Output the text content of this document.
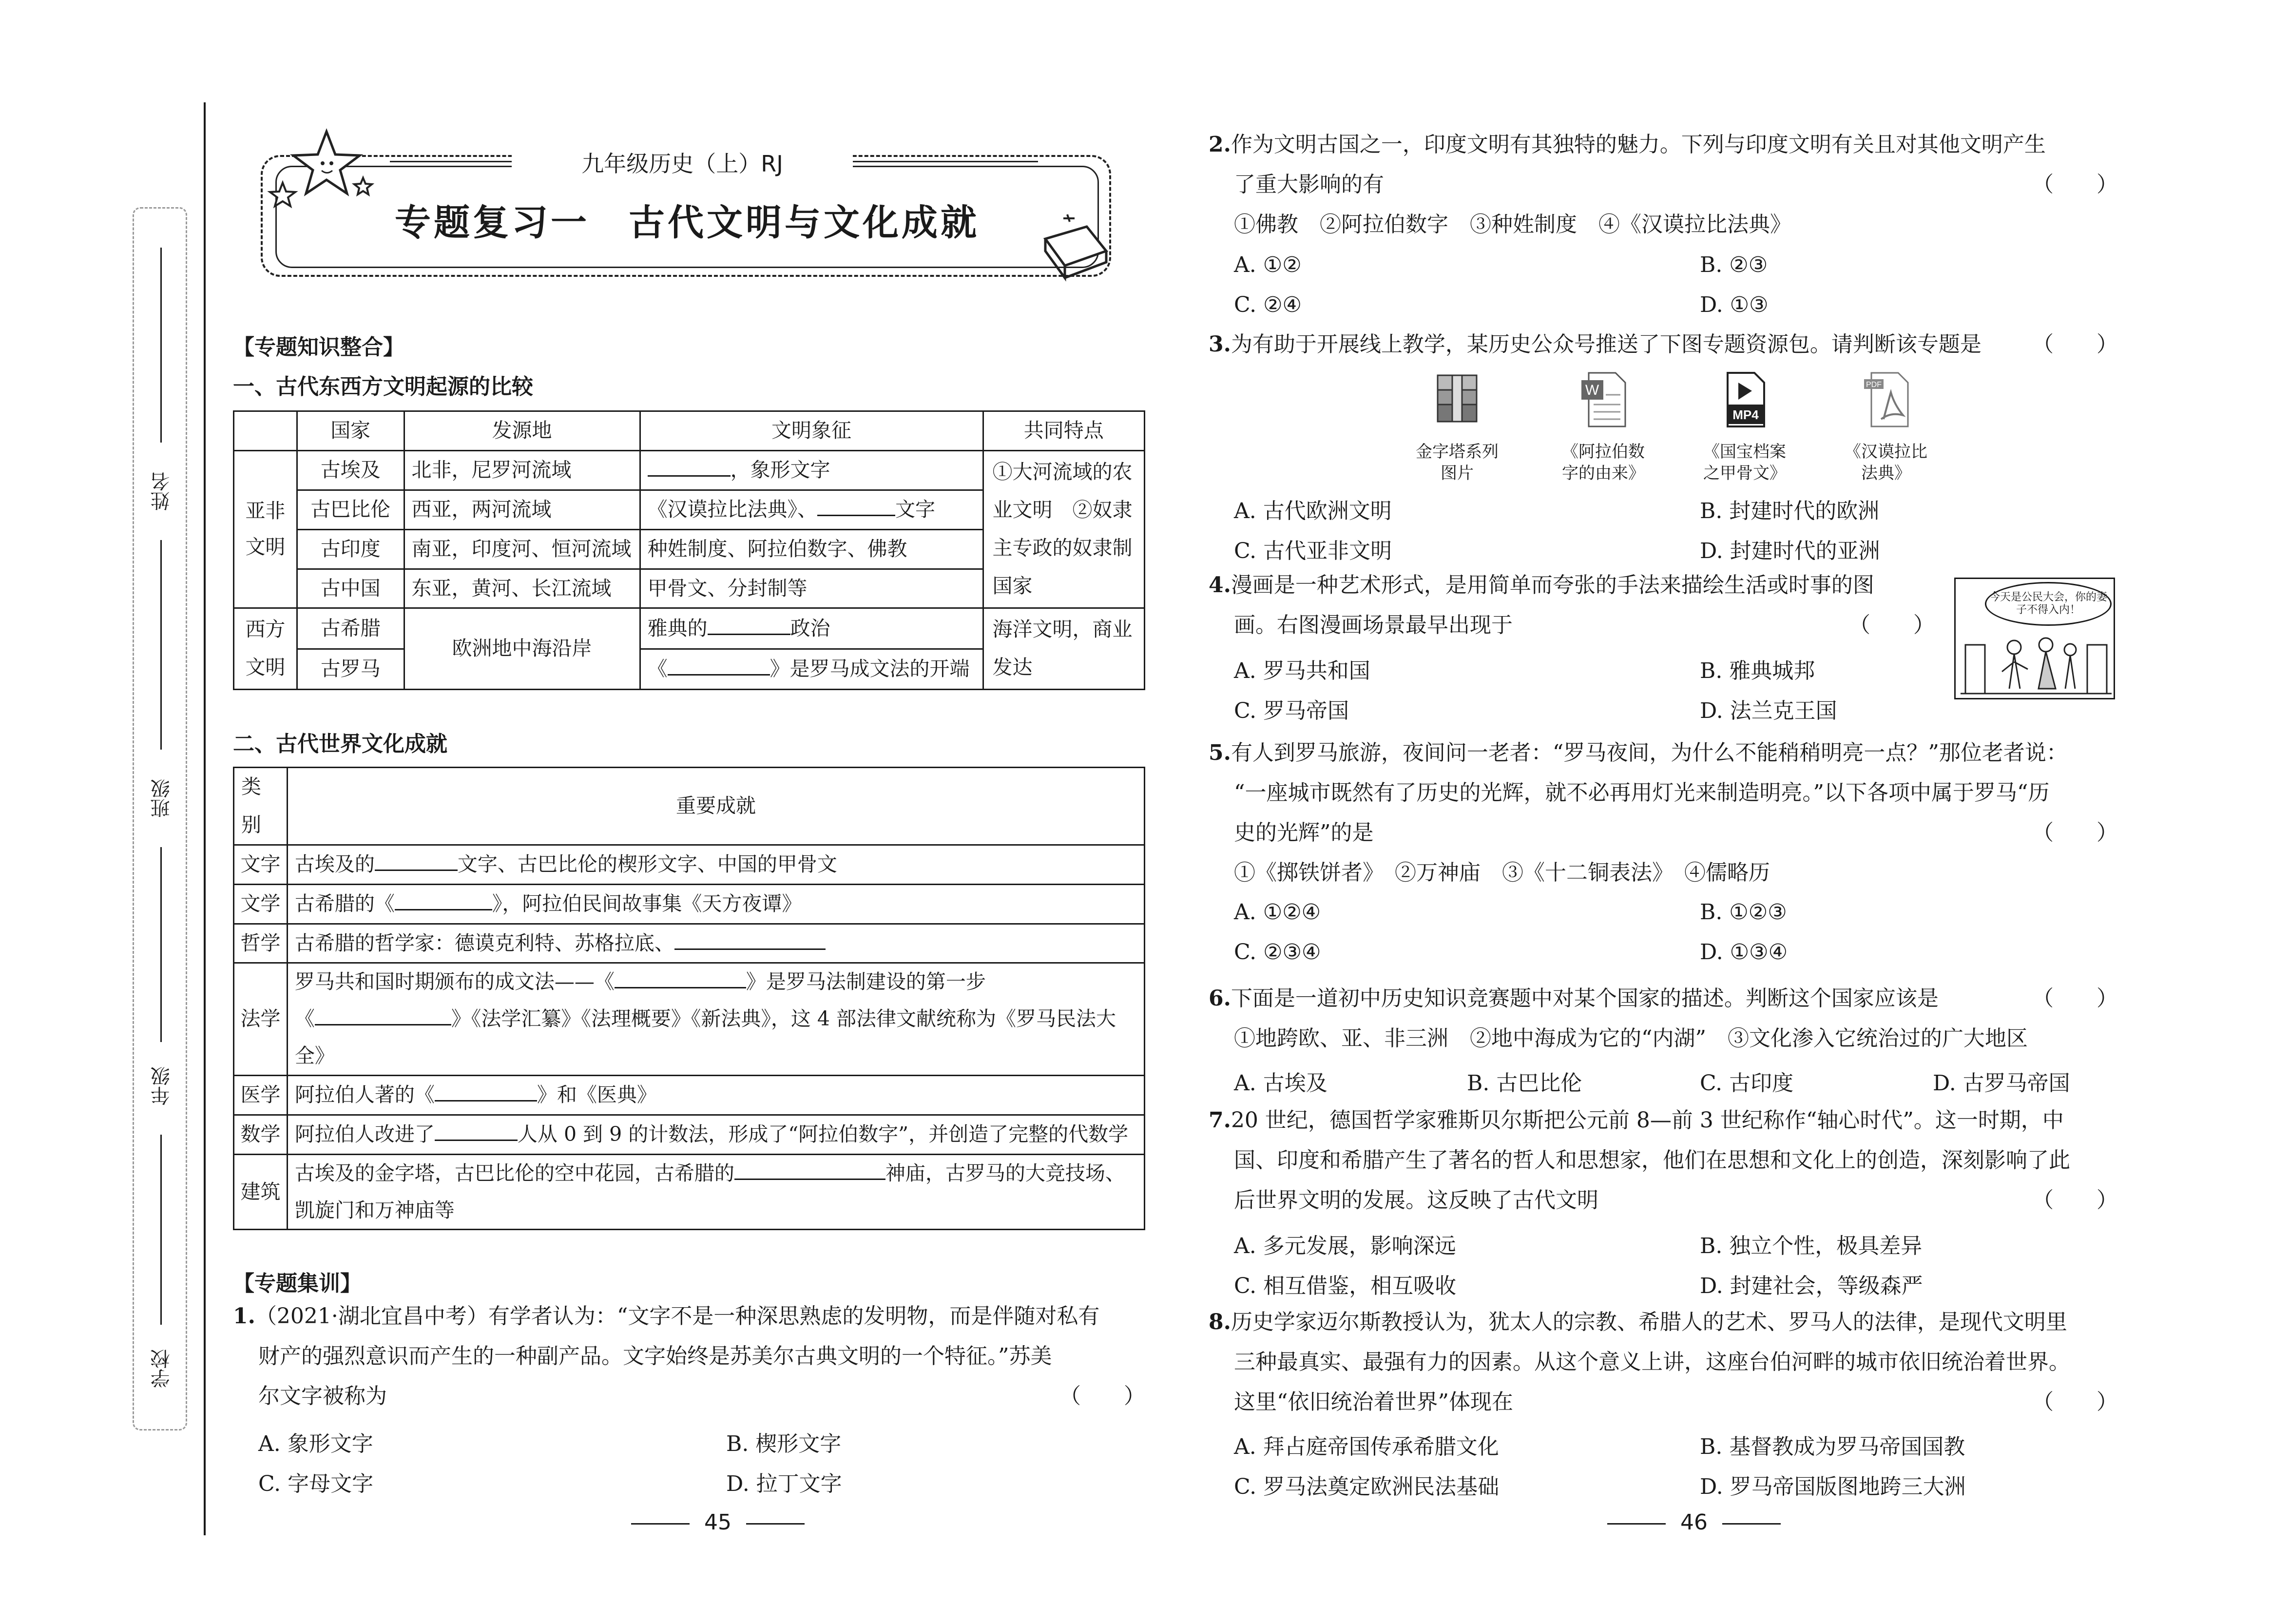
姓名
班级
年级
学校
九年级历史（上）RJ
专题复习一　古代文明与文化成就
【专题知识整合】
一、古代东西方文明起源的比较
	国家	发源地	文明象征	共同特点
亚非文明	古埃及	北非，尼罗河流域	，象形文字	①大河流域的农业文明　②奴隶主专政的奴隶制国家
	古巴比伦	西亚，两河流域	《汉谟拉比法典》、 文字	
	古印度	南亚，印度河、恒河流域	种姓制度、阿拉伯数字、佛教	
	古中国	东亚，黄河、长江流域	甲骨文、分封制等	
西方文明	古希腊	欧洲地中海沿岸	雅典的 政治	海洋文明，商业发达
	古罗马		《 》是罗马成文法的开端	
二、古代世界文化成就
类别	重要成就
文字	古埃及的 文字、古巴比伦的楔形文字、中国的甲骨文
文学	古希腊的《 》，阿拉伯民间故事集《天方夜谭》
哲学	古希腊的哲学家：德谟克利特、苏格拉底、
法学	罗马共和国时期颁布的成文法——《 》是罗马法制建设的第一步
《 》《法学汇纂》《法理概要》《新法典》，这 4 部法律文献统称为《罗马民法大全》
医学	阿拉伯人著的《 》和《医典》
数学	阿拉伯人改进了 人从 0 到 9 的计数法，形成了“阿拉伯数字”，并创造了完整的代数学
建筑	古埃及的金字塔，古巴比伦的空中花园，古希腊的 神庙，古罗马的大竞技场、凯旋门和万神庙等
【专题集训】
1.（2021·湖北宜昌中考）有学者认为：“文字不是一种深思熟虑的发明物，而是伴随对私有
财产的强烈意识而产生的一种副产品。文字始终是苏美尔古典文明的一个特征。”苏美
尔文字被称为	（　　）
A. 象形文字	B. 楔形文字
C. 字母文字	D. 拉丁文字
45
2.作为文明古国之一，印度文明有其独特的魅力。下列与印度文明有关且对其他文明产生
了重大影响的有	（　　）
①佛教　②阿拉伯数字　③种姓制度　④《汉谟拉比法典》
A. ①②	B. ②③
C. ②④	D. ①③
3.为有助于开展线上教学，某历史公众号推送了下图专题资源包。请判断该专题是 （　　）
金字塔系列图片
W
《阿拉伯数字的由来》
MP4
《国宝档案之甲骨文》
PDF
《汉谟拉比法典》
A. 古代欧洲文明	B. 封建时代的欧洲
C. 古代亚非文明	D. 封建时代的亚洲
4.漫画是一种艺术形式，是用简单而夸张的手法来描绘生活或时事的图
画。右图漫画场景最早出现于	（　　）
今天是公民大会，你的妻子不得入内！
A. 罗马共和国	B. 雅典城邦
C. 罗马帝国	D. 法兰克王国
5.有人到罗马旅游，夜间问一老者：“罗马夜间，为什么不能稍稍明亮一点？”那位老者说：
“一座城市既然有了历史的光辉，就不必再用灯光来制造明亮。”以下各项中属于罗马“历
史的光辉”的是	（　　）
①《掷铁饼者》　②万神庙　③《十二铜表法》　④儒略历
A. ①②④	B. ①②③
C. ②③④	D. ①③④
6.下面是一道初中历史知识竞赛题中对某个国家的描述。判断这个国家应该是	（　　）
①地跨欧、亚、非三洲　②地中海成为它的“内湖”　③文化渗入它统治过的广大地区
A. 古埃及	B. 古巴比伦	C. 古印度	D. 古罗马帝国
7.20 世纪，德国哲学家雅斯贝尔斯把公元前 8—前 3 世纪称作“轴心时代”。这一时期，中
国、印度和希腊产生了著名的哲人和思想家，他们在思想和文化上的创造，深刻影响了此
后世界文明的发展。这反映了古代文明	（　　）
A. 多元发展，影响深远	B. 独立个性，极具差异
C. 相互借鉴，相互吸收	D. 封建社会，等级森严
8.历史学家迈尔斯教授认为，犹太人的宗教、希腊人的艺术、罗马人的法律，是现代文明里
三种最真实、最强有力的因素。从这个意义上讲，这座台伯河畔的城市依旧统治着世界。
这里“依旧统治着世界”体现在	（　　）
A. 拜占庭帝国传承希腊文化	B. 基督教成为罗马帝国国教
C. 罗马法奠定欧洲民法基础	D. 罗马帝国版图地跨三大洲
46
